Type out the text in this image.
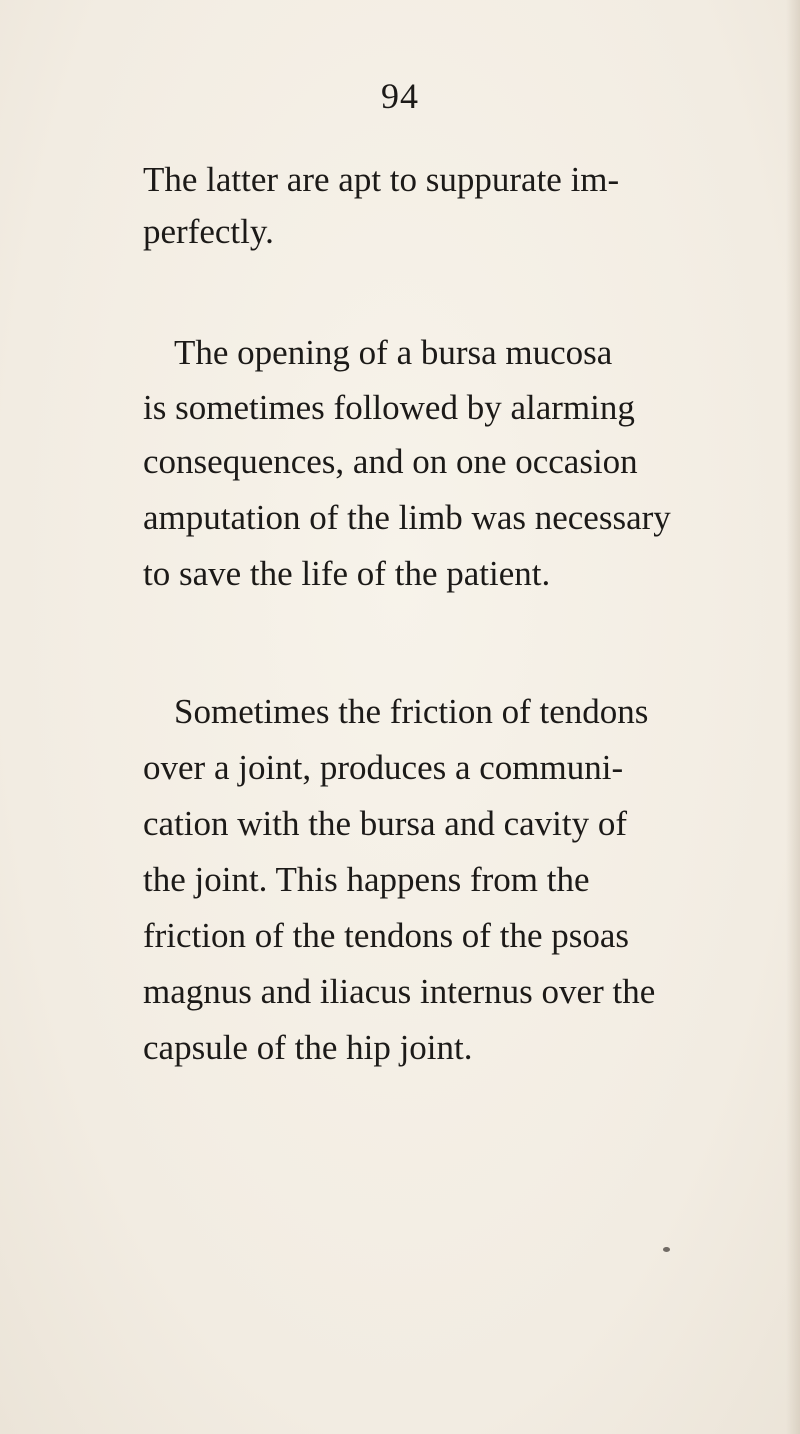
94
The latter are apt to suppurate im-
perfectly.
The opening of a bursa mucosa
is sometimes followed by alarming
consequences, and on one occasion
amputation of the limb was necessary
to save the life of the patient.
Sometimes the friction of tendons
over a joint, produces a communi-
cation with the bursa and cavity of
the joint. This happens from the
friction of the tendons of the psoas
magnus and iliacus internus over the
capsule of the hip joint.
